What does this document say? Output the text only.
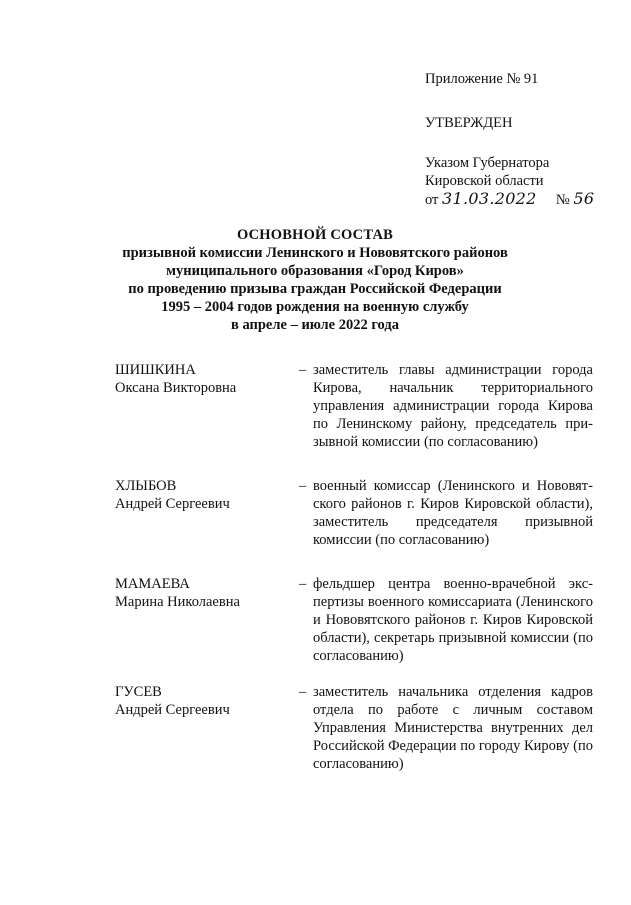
Приложение № 91
УТВЕРЖДЕН
Указом Губернатора
Кировской области
от 31.03.2022 № 56
ОСНОВНОЙ СОСТАВ
призывной комиссии Ленинского и Нововятского районов
муниципального образования «Город Киров»
по проведению призыва граждан Российской Федерации
1995 – 2004 годов рождения на военную службу
в апреле – июле 2022 года
ШИШКИНА
Оксана Викторовна
– заместитель главы администрации города Кирова, начальник территориального управления администрации города Кирова по Ленинскому району, председатель призывной комиссии (по согласованию)
ХЛЫБОВ
Андрей Сергеевич
– военный комиссар (Ленинского и Нововятского районов г. Киров Кировской области), заместитель председателя призывной комиссии (по согласованию)
МАМАЕВА
Марина Николаевна
– фельдшер центра военно-врачебной экспертизы военного комиссариата (Ленинского и Нововятского районов г. Киров Кировской области), секретарь призывной комиссии (по согласованию)
ГУСЕВ
Андрей Сергеевич
– заместитель начальника отделения кадров отдела по работе с личным составом Управления Министерства внутренних дел Российской Федерации по городу Кирову (по согласованию)
